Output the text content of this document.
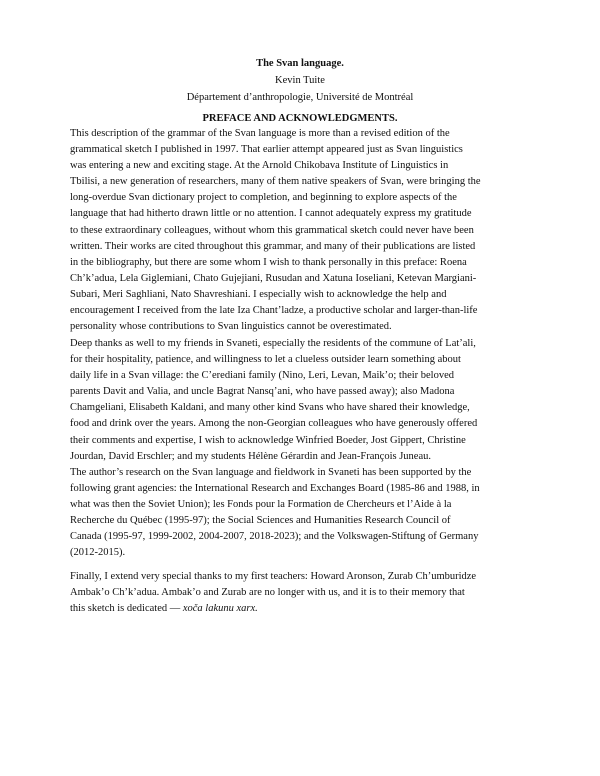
The Svan language.
Kevin Tuite
Département d’anthropologie, Université de Montréal
PREFACE AND ACKNOWLEDGMENTS.

This description of the grammar of the Svan language is more than a revised edition of the
grammatical sketch I published in 1997. That earlier attempt appeared just as Svan linguistics
was entering a new and exciting stage. At the Arnold Chikobava Institute of Linguistics in
Tbilisi, a new generation of researchers, many of them native speakers of Svan, were bringing the
long-overdue Svan dictionary project to completion, and beginning to explore aspects of the
language that had hitherto drawn little or no attention. I cannot adequately express my gratitude
to these extraordinary colleagues, without whom this grammatical sketch could never have been
written. Their works are cited throughout this grammar, and many of their publications are listed
in the bibliography, but there are some whom I wish to thank personally in this preface: Roena
Ch’k’adua, Lela Giglemiani, Chato Gujejiani, Rusudan and Xatuna Ioseliani, Ketevan Margiani-
Subari, Meri Saghliani, Nato Shavreshiani. I especially wish to acknowledge the help and
encouragement I received from the late Iza Chant’ladze, a productive scholar and larger-than-life
personality whose contributions to Svan linguistics cannot be overestimated.

Deep thanks as well to my friends in Svaneti, especially the residents of the commune of Lat’ali,
for their hospitality, patience, and willingness to let a clueless outsider learn something about
daily life in a Svan village: the C’erediani family (Nino, Leri, Levan, Maik’o; their beloved
parents Davit and Valia, and uncle Bagrat Nansq’ani, who have passed away); also Madona
Chamgeliani, Elisabeth Kaldani, and many other kind Svans who have shared their knowledge,
food and drink over the years. Among the non-Georgian colleagues who have generously offered
their comments and expertise, I wish to acknowledge Winfried Boeder, Jost Gippert, Christine
Jourdan, David Erschler; and my students Hélène Gérardin and Jean-François Juneau.

The author’s research on the Svan language and fieldwork in Svaneti has been supported by the
following grant agencies: the International Research and Exchanges Board (1985-86 and 1988, in
what was then the Soviet Union); les Fonds pour la Formation de Chercheurs et l’Aide à la
Recherche du Québec (1995-97); the Social Sciences and Humanities Research Council of
Canada (1995-97, 1999-2002, 2004-2007, 2018-2023); and the Volkswagen-Stiftung of Germany
(2012-2015).

Finally, I extend very special thanks to my first teachers: Howard Aronson, Zurab Ch’umburidze
Ambak’o Ch’k’adua. Ambak’o and Zurab are no longer with us, and it is to their memory that
this sketch is dedicated — xoča lakunu xarx.
